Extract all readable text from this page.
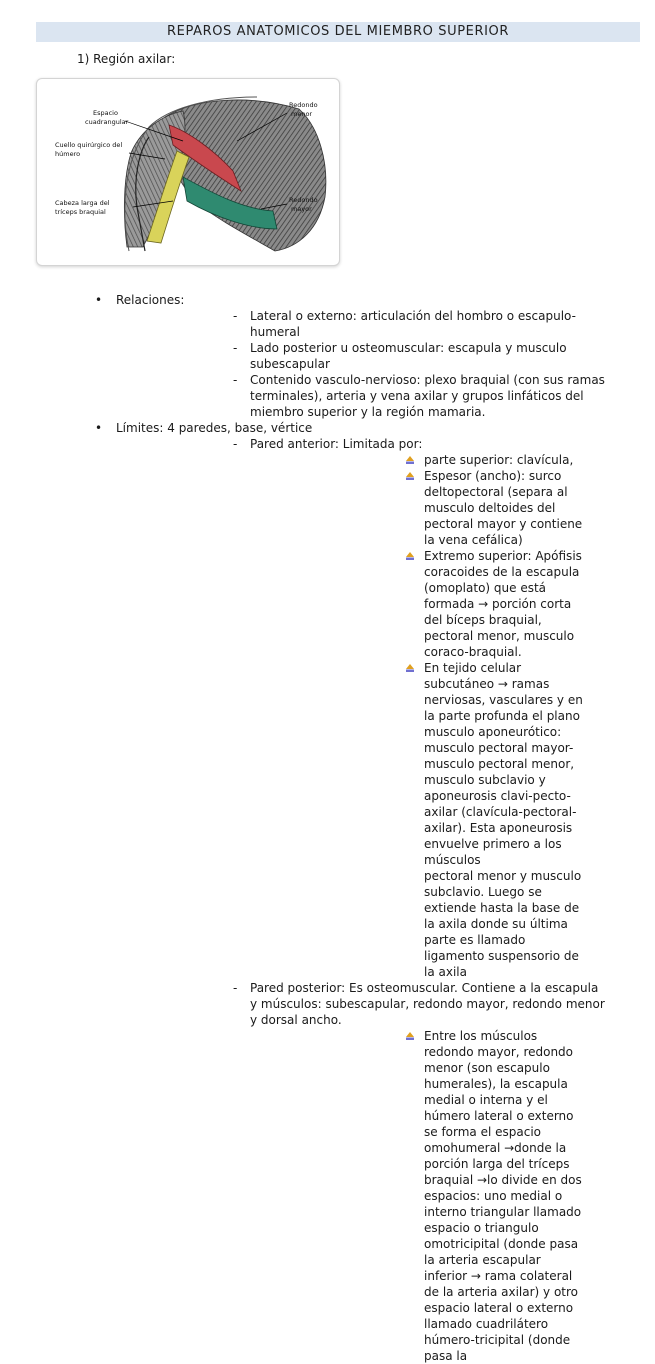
REPAROS ANATOMICOS DEL MIEMBRO SUPERIOR
1) Región axilar:
Espacio
cuadrangular
Cuello quirúrgico del
húmero
Cabeza larga del
tríceps braquial
Redondo
menor
Redondo
mayor
• Relaciones:
- Lateral o externo: articulación del hombro o escapulo-humeral
- Lado posterior u osteomuscular: escapula y musculo subescapular
- Contenido vasculo-nervioso: plexo braquial (con sus ramas terminales), arteria y vena axilar y grupos linfáticos del miembro superior y la región mamaria.
• Límites: 4 paredes, base, vértice
- Pared anterior: Limitada por:
parte superior: clavícula,
Espesor (ancho): surco deltopectoral (separa al musculo deltoides del pectoral mayor y contiene la vena cefálica)
Extremo superior: Apófisis coracoides de la escapula (omoplato) que está formada → porción corta del bíceps braquial, pectoral menor, musculo coraco-braquial.
En tejido celular subcutáneo → ramas nerviosas, vasculares y en la parte profunda el plano musculo aponeurótico: musculo pectoral mayor- musculo pectoral menor, musculo subclavio y aponeurosis clavi-pecto-axilar (clavícula-pectoral-axilar). Esta aponeurosis envuelve primero a los músculos
pectoral menor y musculo subclavio. Luego se extiende hasta la base de la axila donde su última parte es llamado ligamento suspensorio de la axila
- Pared posterior: Es osteomuscular. Contiene a la escapula y músculos: subescapular, redondo mayor, redondo menor y dorsal ancho.
Entre los músculos redondo mayor, redondo menor (son escapulo humerales), la escapula medial o interna y el húmero lateral o externo se forma el espacio omohumeral →donde la porción larga del tríceps braquial →lo divide en dos espacios: uno medial o interno triangular llamado espacio o triangulo omotricipital (donde pasa la arteria escapular inferior → rama colateral de la arteria axilar) y otro espacio lateral o externo llamado cuadrilátero húmero-tricipital (donde pasa la
